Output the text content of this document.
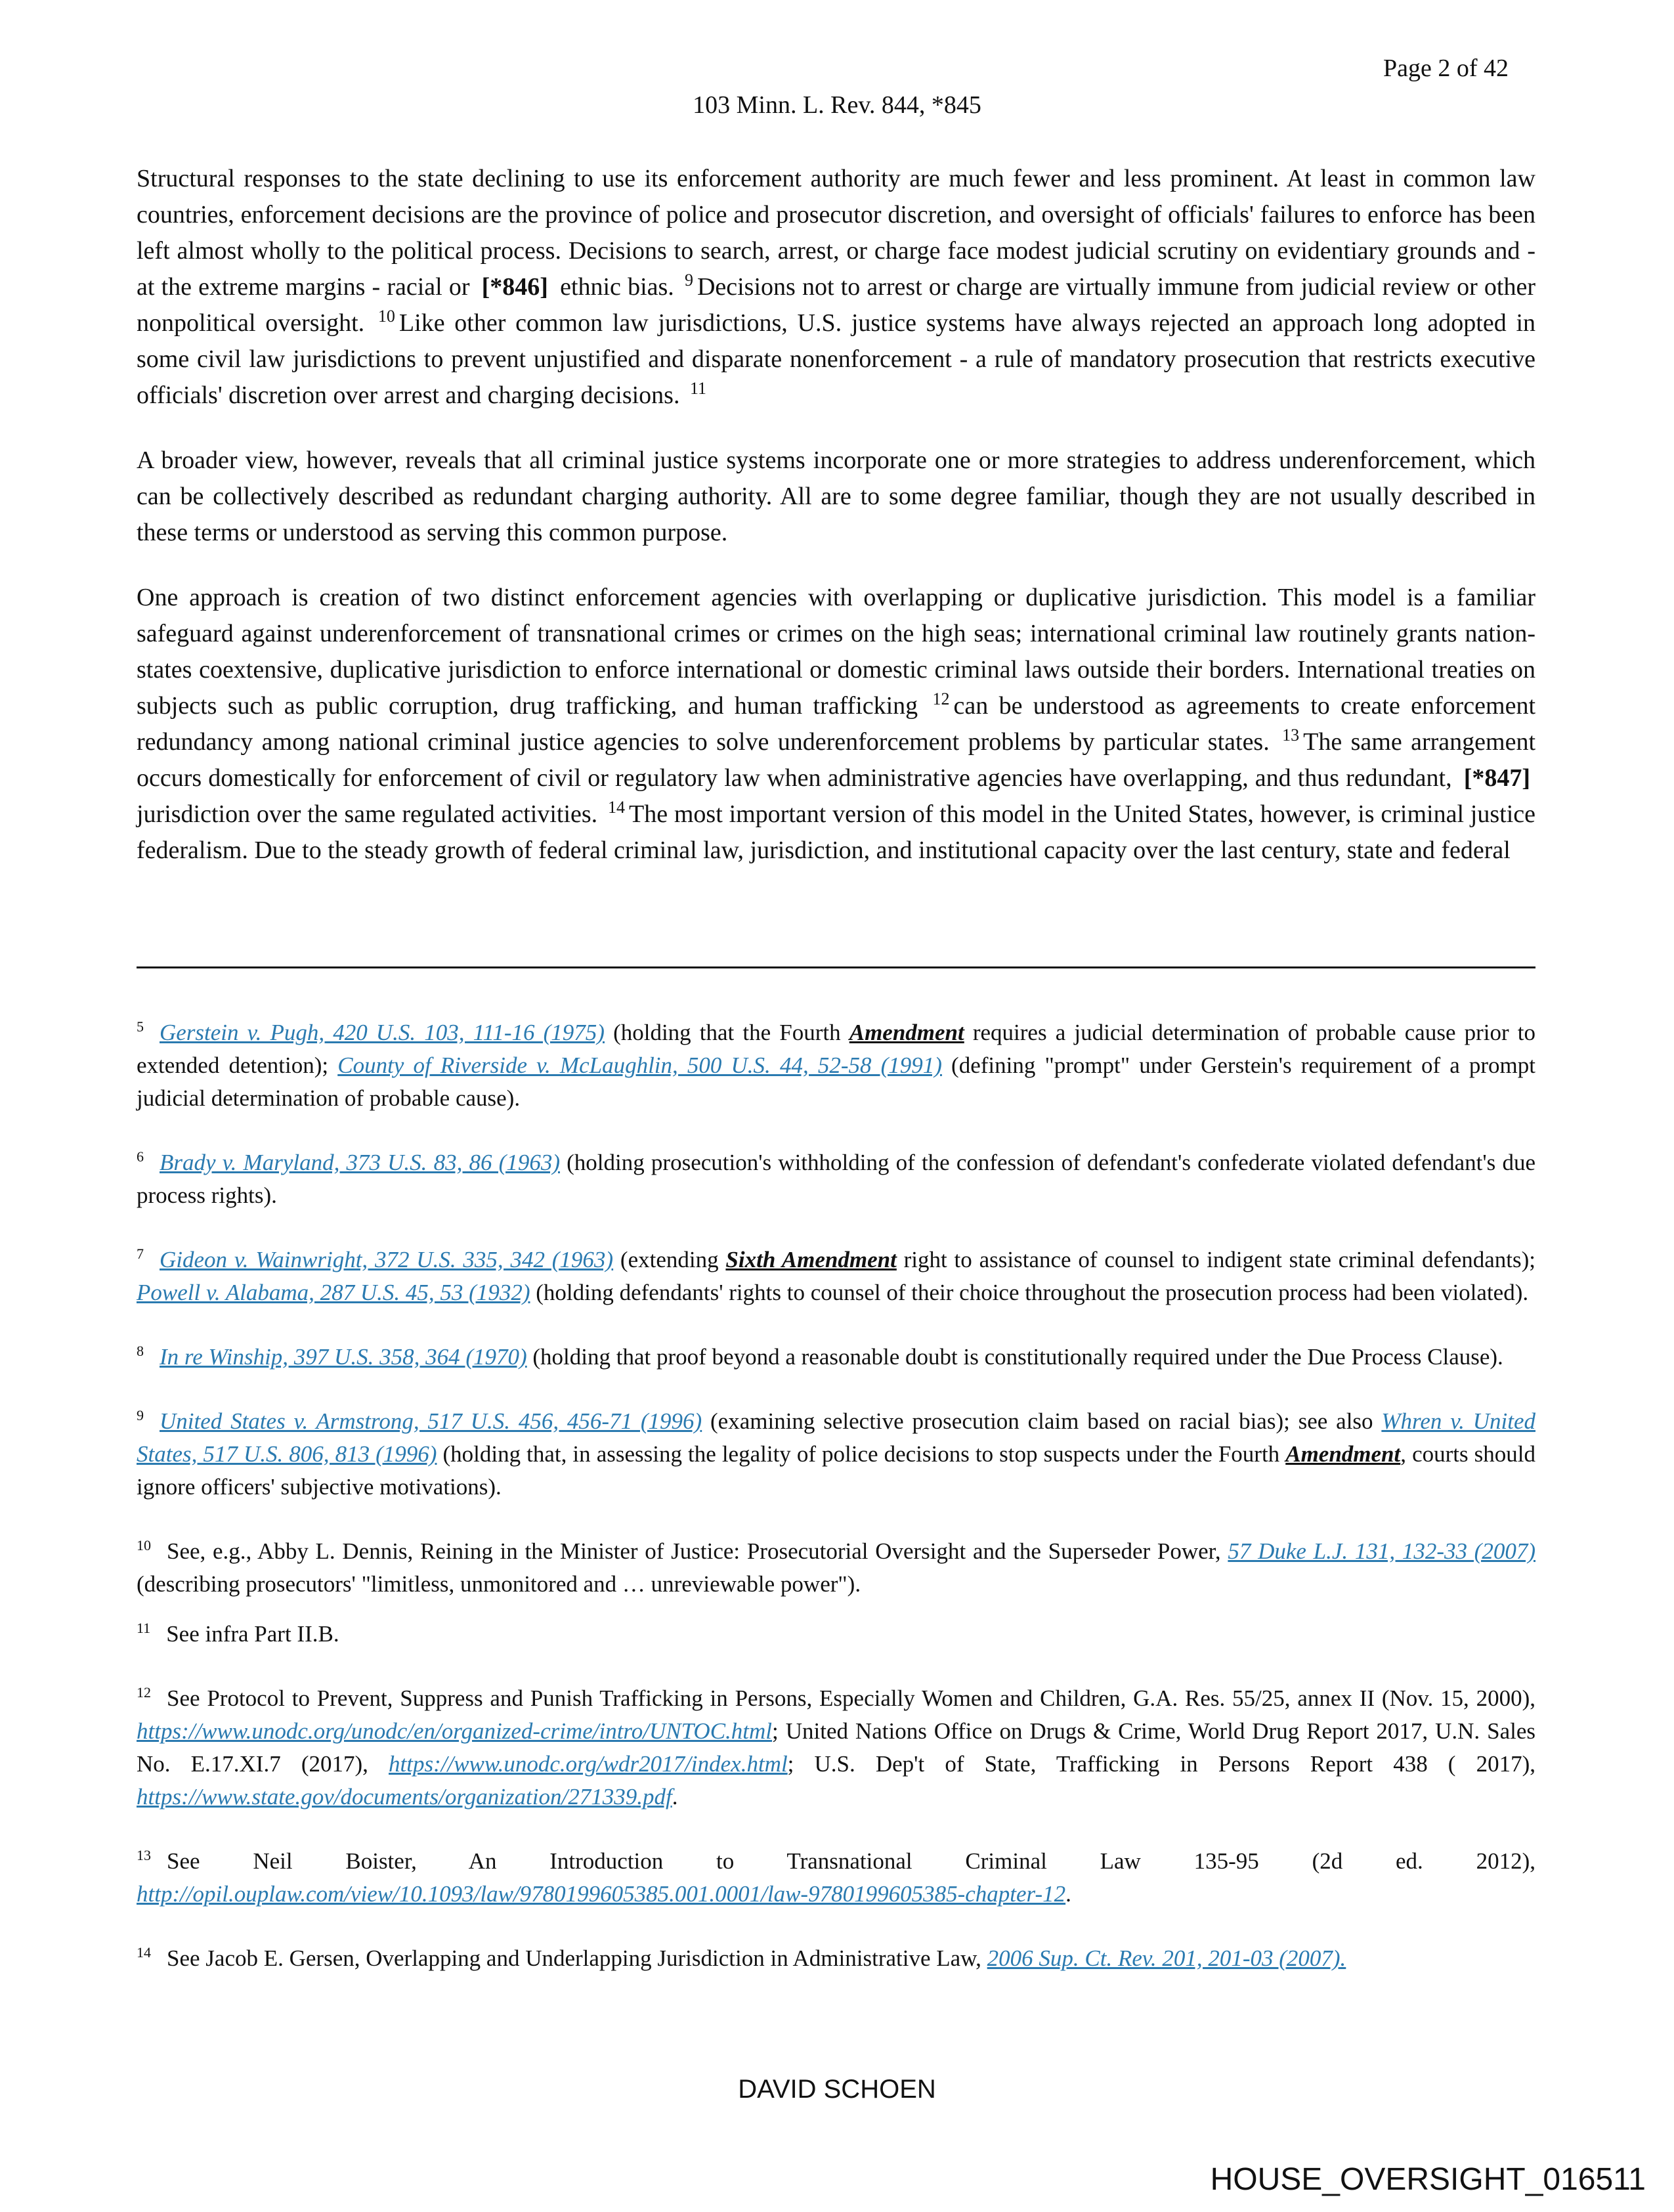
Page 2 of 42
103 Minn. L. Rev. 844, *845

Structural responses to the state declining to use its enforcement authority are much fewer and less prominent. At least in common law countries, enforcement decisions are the province of police and prosecutor discretion, and oversight of officials' failures to enforce has been left almost wholly to the political process. Decisions to search, arrest, or charge face modest judicial scrutiny on evidentiary grounds and - at the extreme margins - racial or [*846] ethnic bias. $^9$ Decisions not to arrest or charge are virtually immune from judicial review or other nonpolitical oversight. $^{10}$ Like other common law jurisdictions, U.S. justice systems have always rejected an approach long adopted in some civil law jurisdictions to prevent unjustified and disparate nonenforcement - a rule of mandatory prosecution that restricts executive officials' discretion over arrest and charging decisions. $^{11}$

A broader view, however, reveals that all criminal justice systems incorporate one or more strategies to address underenforcement, which can be collectively described as redundant charging authority. All are to some degree familiar, though they are not usually described in these terms or understood as serving this common purpose.

One approach is creation of two distinct enforcement agencies with overlapping or duplicative jurisdiction. This model is a familiar safeguard against underenforcement of transnational crimes or crimes on the high seas; international criminal law routinely grants nation-states coextensive, duplicative jurisdiction to enforce international or domestic criminal laws outside their borders. International treaties on subjects such as public corruption, drug trafficking, and human trafficking $^{12}$ can be understood as agreements to create enforcement redundancy among national criminal justice agencies to solve underenforcement problems by particular states. $^{13}$ The same arrangement occurs domestically for enforcement of civil or regulatory law when administrative agencies have overlapping, and thus redundant, [*847] jurisdiction over the same regulated activities. $^{14}$ The most important version of this model in the United States, however, is criminal justice federalism. Due to the steady growth of federal criminal law, jurisdiction, and institutional capacity over the last century, state and federal

$^5$ Gerstein v. Pugh, 420 U.S. 103, 111-16 (1975) (holding that the Fourth Amendment requires a judicial determination of probable cause prior to extended detention); County of Riverside v. McLaughlin, 500 U.S. 44, 52-58 (1991) (defining "prompt" under Gerstein's requirement of a prompt judicial determination of probable cause).
$^6$ Brady v. Maryland, 373 U.S. 83, 86 (1963) (holding prosecution's withholding of the confession of defendant's confederate violated defendant's due process rights).
$^7$ Gideon v. Wainwright, 372 U.S. 335, 342 (1963) (extending Sixth Amendment right to assistance of counsel to indigent state criminal defendants); Powell v. Alabama, 287 U.S. 45, 53 (1932) (holding defendants' rights to counsel of their choice throughout the prosecution process had been violated).
$^8$ In re Winship, 397 U.S. 358, 364 (1970) (holding that proof beyond a reasonable doubt is constitutionally required under the Due Process Clause).
$^9$ United States v. Armstrong, 517 U.S. 456, 456-71 (1996) (examining selective prosecution claim based on racial bias); see also Whren v. United States, 517 U.S. 806, 813 (1996) (holding that, in assessing the legality of police decisions to stop suspects under the Fourth Amendment, courts should ignore officers' subjective motivations).
$^{10}$ See, e.g., Abby L. Dennis, Reining in the Minister of Justice: Prosecutorial Oversight and the Superseder Power, 57 Duke L.J. 131, 132-33 (2007) (describing prosecutors' "limitless, unmonitored and … unreviewable power").
$^{11}$ See infra Part II.B.
$^{12}$ See Protocol to Prevent, Suppress and Punish Trafficking in Persons, Especially Women and Children, G.A. Res. 55/25, annex II (Nov. 15, 2000), https://www.unodc.org/unodc/en/organized-crime/intro/UNTOC.html; United Nations Office on Drugs & Crime, World Drug Report 2017, U.N. Sales No. E.17.XI.7 (2017), https://www.unodc.org/wdr2017/index.html; U.S. Dep't of State, Trafficking in Persons Report 438 ( 2017), https://www.state.gov/documents/organization/271339.pdf.
$^{13}$ See Neil Boister, An Introduction to Transnational Criminal Law 135-95 (2d ed. 2012), http://opil.ouplaw.com/view/10.1093/law/9780199605385.001.0001/law-9780199605385-chapter-12.
$^{14}$ See Jacob E. Gersen, Overlapping and Underlapping Jurisdiction in Administrative Law, 2006 Sup. Ct. Rev. 201, 201-03 (2007).
DAVID SCHOEN
HOUSE_OVERSIGHT_016511
